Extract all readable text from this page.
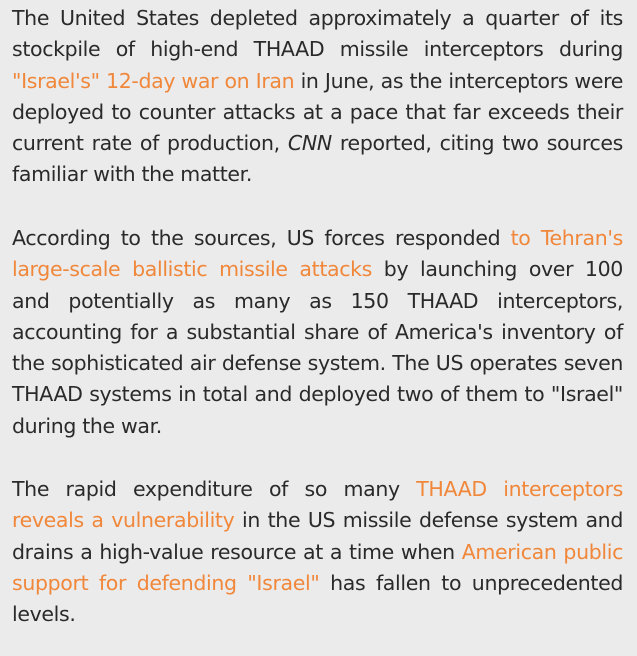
The United States depleted approximately a quarter of its stockpile of high-end THAAD missile interceptors during "Israel's" 12-day war on Iran in June, as the interceptors were deployed to counter attacks at a pace that far exceeds their current rate of production, CNN reported, citing two sources familiar with the matter.

According to the sources, US forces responded to Tehran's large-scale ballistic missile attacks by launching over 100 and potentially as many as 150 THAAD interceptors, accounting for a substantial share of America's inventory of the sophisticated air defense system. The US operates seven THAAD systems in total and deployed two of them to "Israel" during the war.

The rapid expenditure of so many THAAD interceptors reveals a vulnerability in the US missile defense system and drains a high-value resource at a time when American public support for defending "Israel" has fallen to unprecedented levels.
